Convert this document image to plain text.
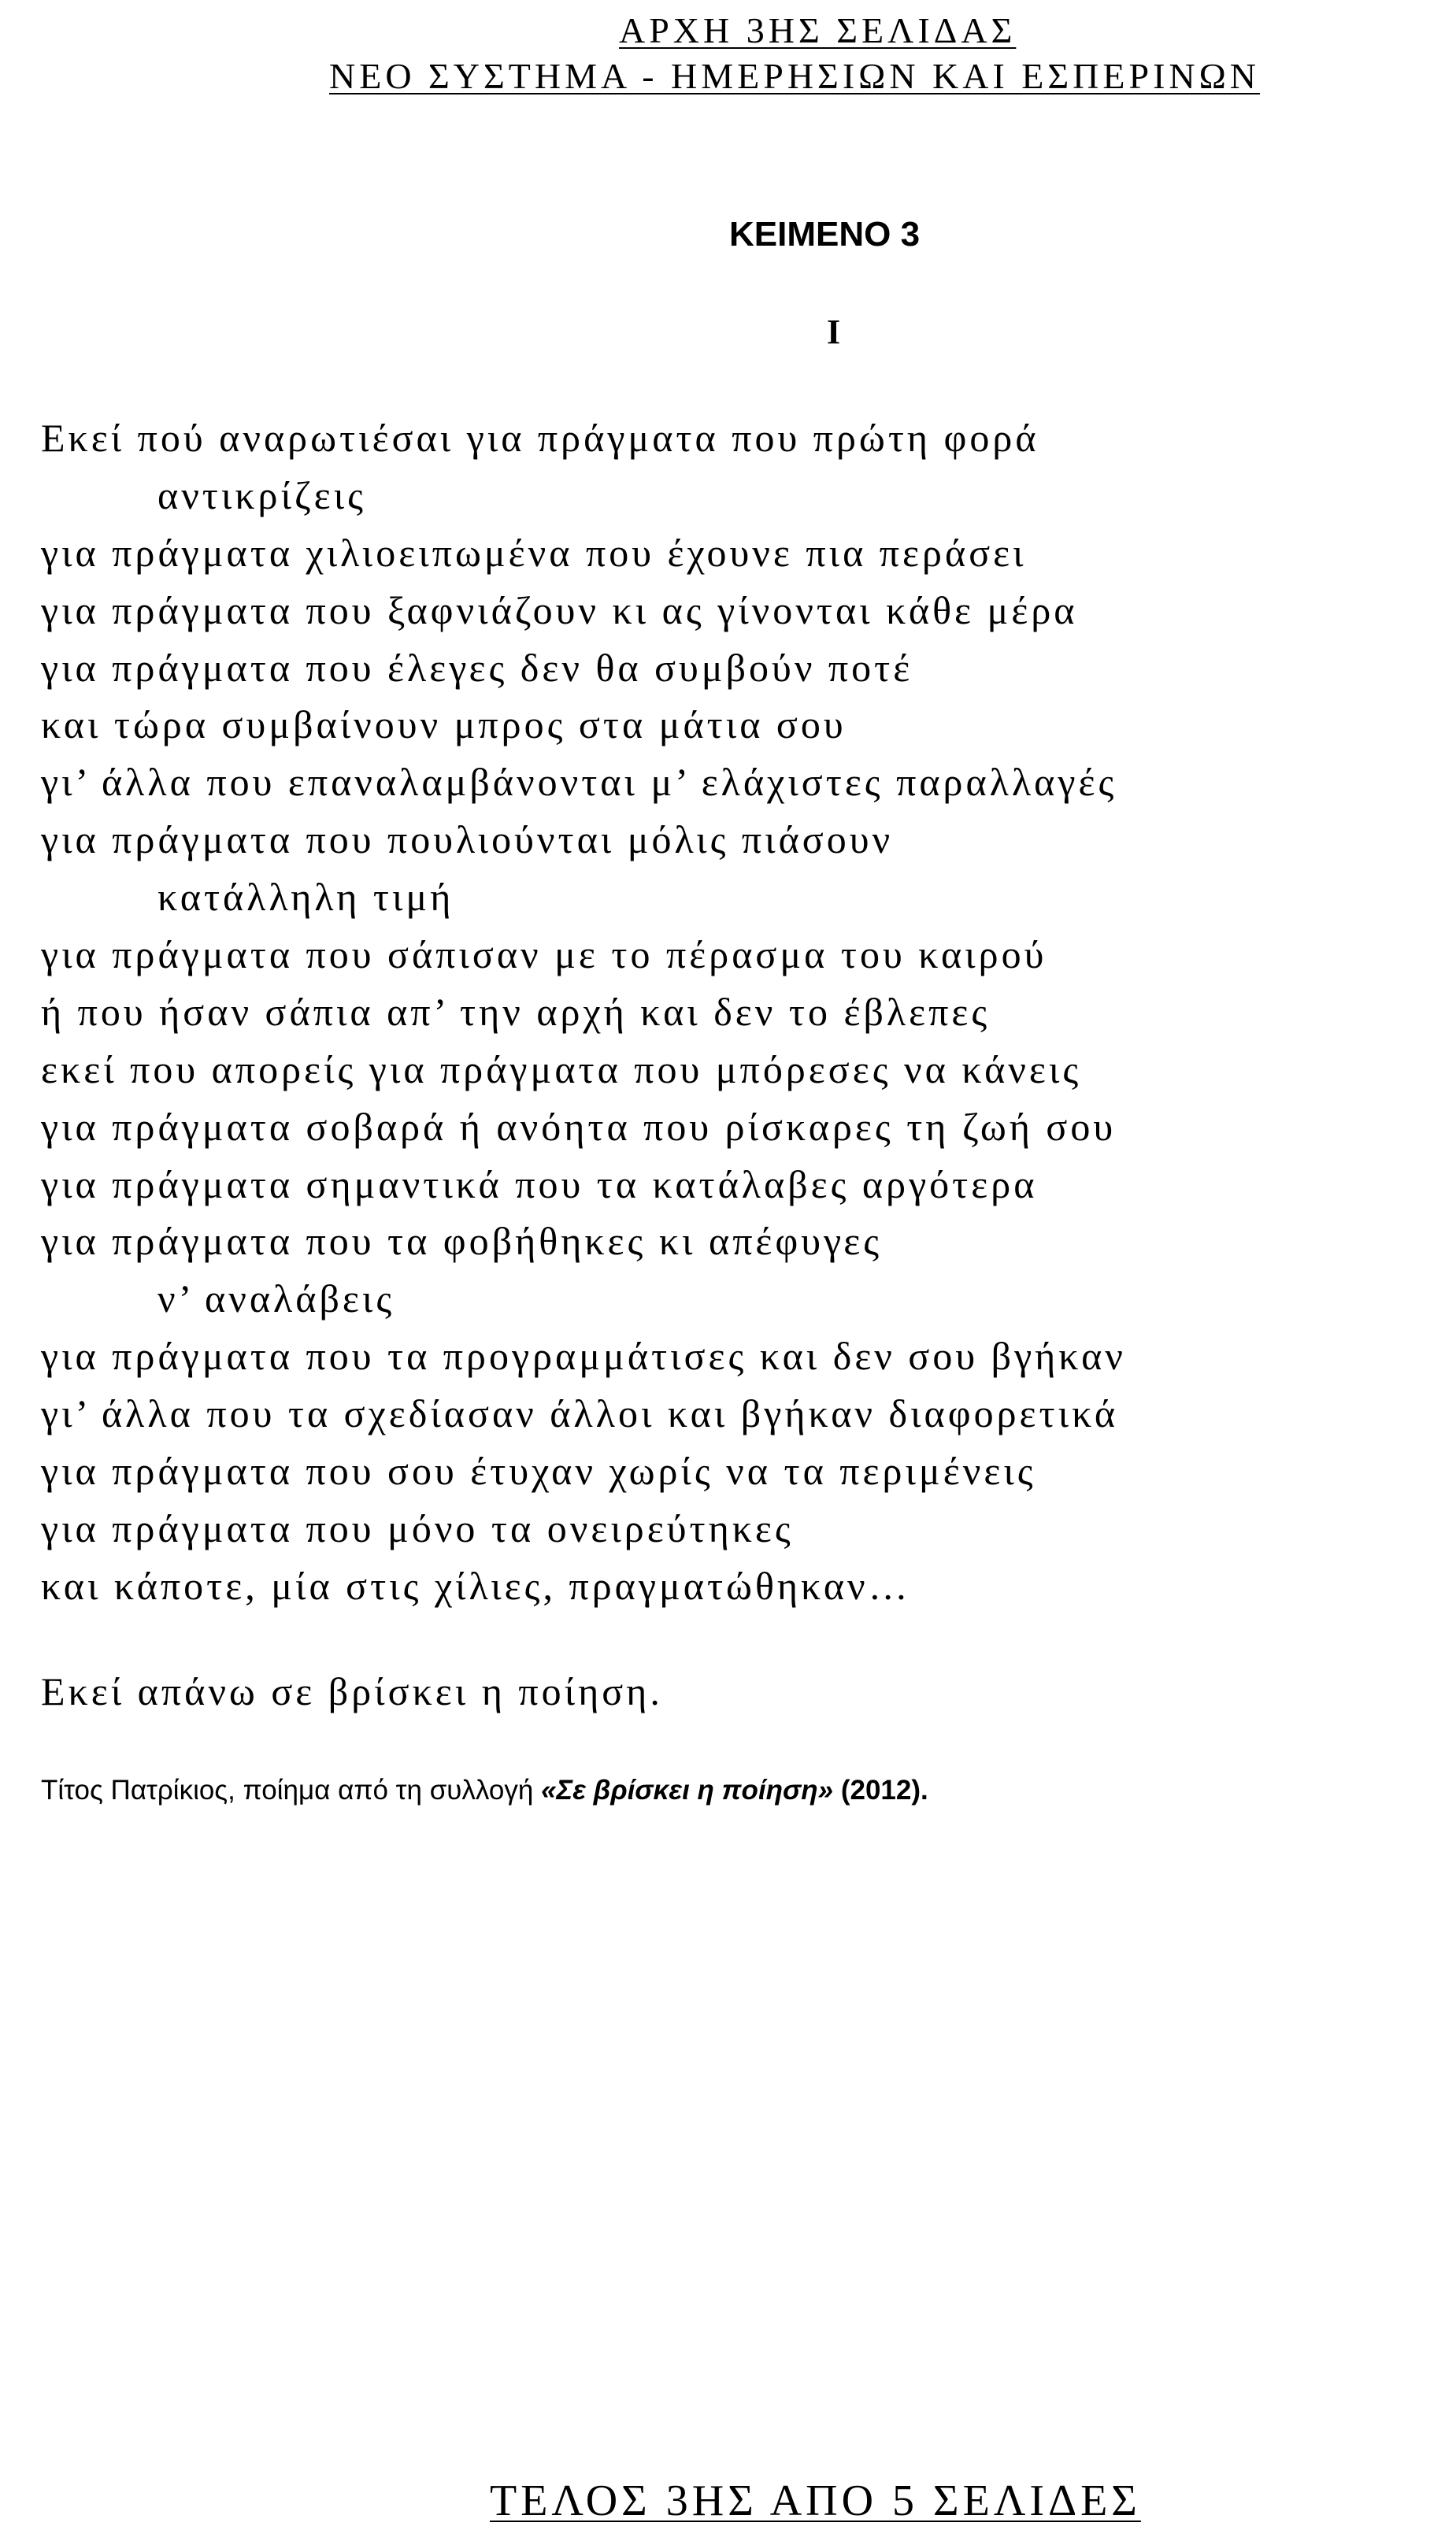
ΑΡΧΗ 3ΗΣ ΣΕΛΙΔΑΣ
ΝΕΟ ΣΥΣΤΗΜΑ - ΗΜΕΡΗΣΙΩΝ ΚΑΙ ΕΣΠΕΡΙΝΩΝ
ΚΕΙΜΕΝΟ 3
Ι
Εκεί πού αναρωτιέσαι για πράγματα που πρώτη φορά
αντικρίζεις
για πράγματα χιλιοειπωμένα που έχουνε πια περάσει
για πράγματα που ξαφνιάζουν κι ας γίνονται κάθε μέρα
για πράγματα που έλεγες δεν θα συμβούν ποτέ
και τώρα συμβαίνουν μπρος στα μάτια σου
γι’ άλλα που επαναλαμβάνονται μ’ ελάχιστες παραλλαγές
για πράγματα που πουλιούνται μόλις πιάσουν
κατάλληλη τιμή
για πράγματα που σάπισαν με το πέρασμα του καιρού
ή που ήσαν σάπια απ’ την αρχή και δεν το έβλεπες
εκεί που απορείς για πράγματα που μπόρεσες να κάνεις
για πράγματα σοβαρά ή ανόητα που ρίσκαρες τη ζωή σου
για πράγματα σημαντικά που τα κατάλαβες αργότερα
για πράγματα που τα φοβήθηκες κι απέφυγες
ν’ αναλάβεις
για πράγματα που τα προγραμμάτισες και δεν σου βγήκαν
γι’ άλλα που τα σχεδίασαν άλλοι και βγήκαν διαφορετικά
για πράγματα που σου έτυχαν χωρίς να τα περιμένεις
για πράγματα που μόνο τα ονειρεύτηκες
και κάποτε, μία στις χίλιες, πραγματώθηκαν…
Εκεί απάνω σε βρίσκει η ποίηση.
Τίτος Πατρίκιος, ποίημα από τη συλλογή «Σε βρίσκει η ποίηση» (2012).
ΤΕΛΟΣ 3ΗΣ ΑΠΟ 5 ΣΕΛΙΔΕΣ
